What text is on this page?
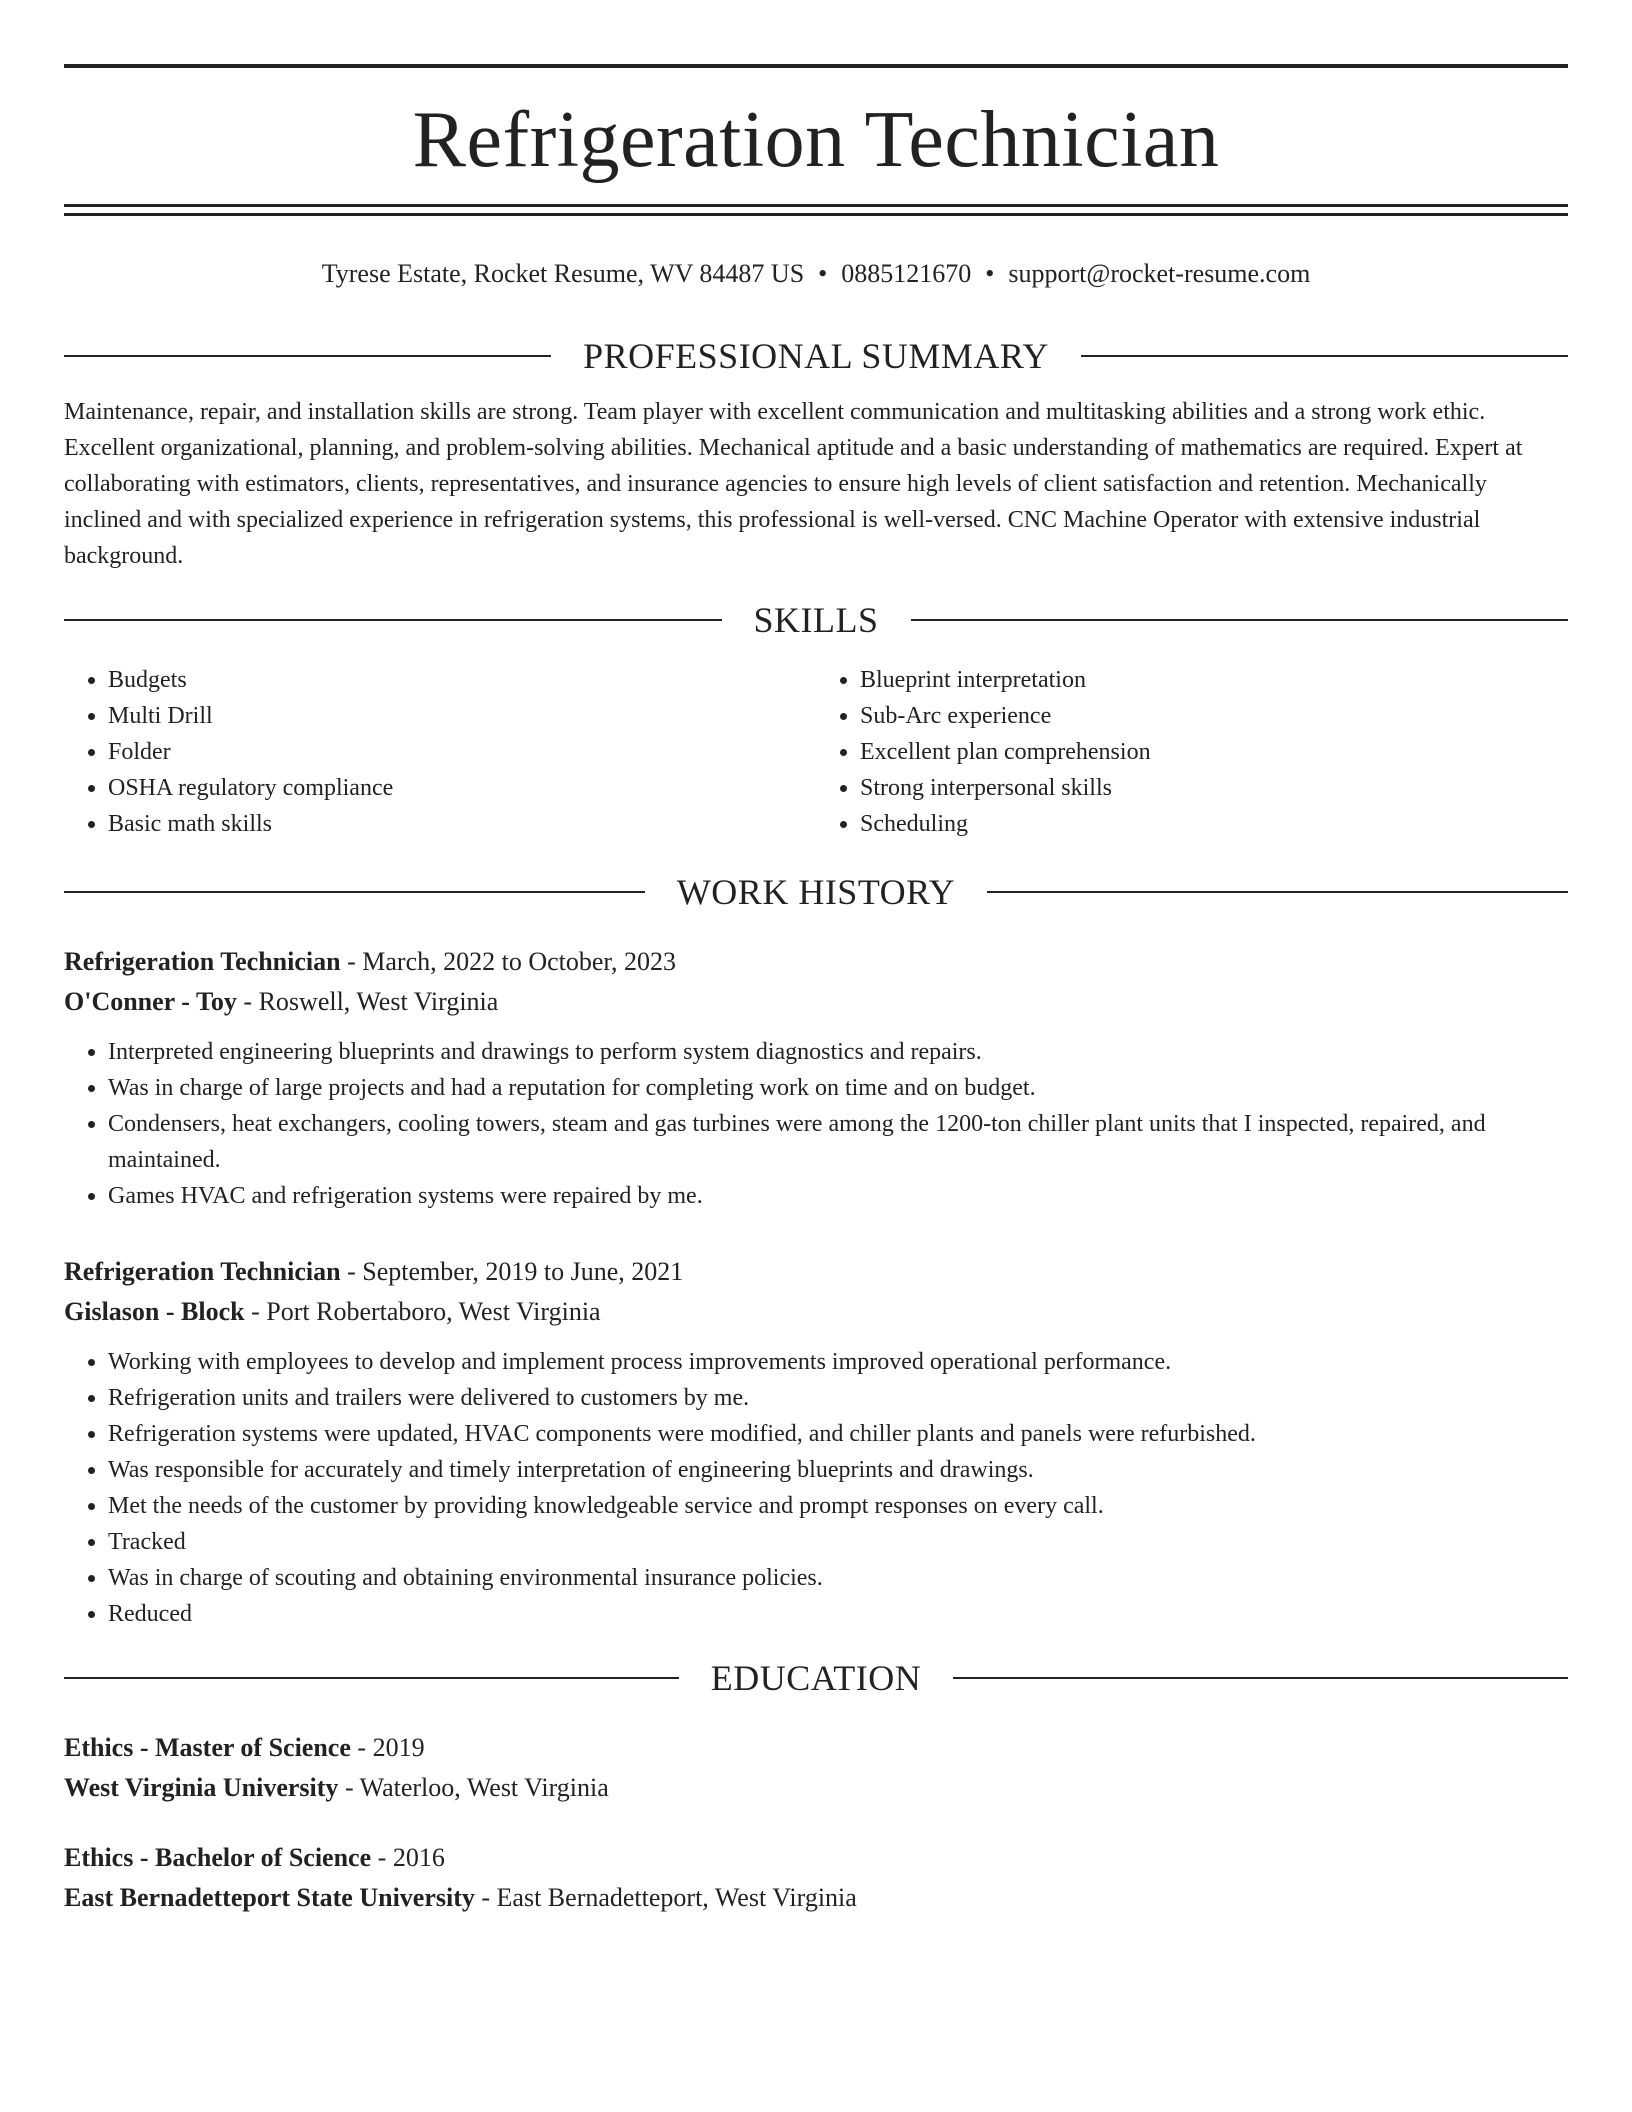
Refrigeration Technician
Tyrese Estate, Rocket Resume, WV 84487 US • 0885121670 • support@rocket-resume.com
PROFESSIONAL SUMMARY
Maintenance, repair, and installation skills are strong. Team player with excellent communication and multitasking abilities and a strong work ethic. Excellent organizational, planning, and problem-solving abilities. Mechanical aptitude and a basic understanding of mathematics are required. Expert at collaborating with estimators, clients, representatives, and insurance agencies to ensure high levels of client satisfaction and retention. Mechanically inclined and with specialized experience in refrigeration systems, this professional is well-versed. CNC Machine Operator with extensive industrial background.
SKILLS
• Budgets
• Multi Drill
• Folder
• OSHA regulatory compliance
• Basic math skills
• Blueprint interpretation
• Sub-Arc experience
• Excellent plan comprehension
• Strong interpersonal skills
• Scheduling
WORK HISTORY
Refrigeration Technician - March, 2022 to October, 2023
O'Conner - Toy - Roswell, West Virginia
• Interpreted engineering blueprints and drawings to perform system diagnostics and repairs.
• Was in charge of large projects and had a reputation for completing work on time and on budget.
• Condensers, heat exchangers, cooling towers, steam and gas turbines were among the 1200-ton chiller plant units that I inspected, repaired, and maintained.
• Games HVAC and refrigeration systems were repaired by me.
Refrigeration Technician - September, 2019 to June, 2021
Gislason - Block - Port Robertaboro, West Virginia
• Working with employees to develop and implement process improvements improved operational performance.
• Refrigeration units and trailers were delivered to customers by me.
• Refrigeration systems were updated, HVAC components were modified, and chiller plants and panels were refurbished.
• Was responsible for accurately and timely interpretation of engineering blueprints and drawings.
• Met the needs of the customer by providing knowledgeable service and prompt responses on every call.
• Tracked
• Was in charge of scouting and obtaining environmental insurance policies.
• Reduced
EDUCATION
Ethics - Master of Science - 2019
West Virginia University - Waterloo, West Virginia
Ethics - Bachelor of Science - 2016
East Bernadetteport State University - East Bernadetteport, West Virginia
